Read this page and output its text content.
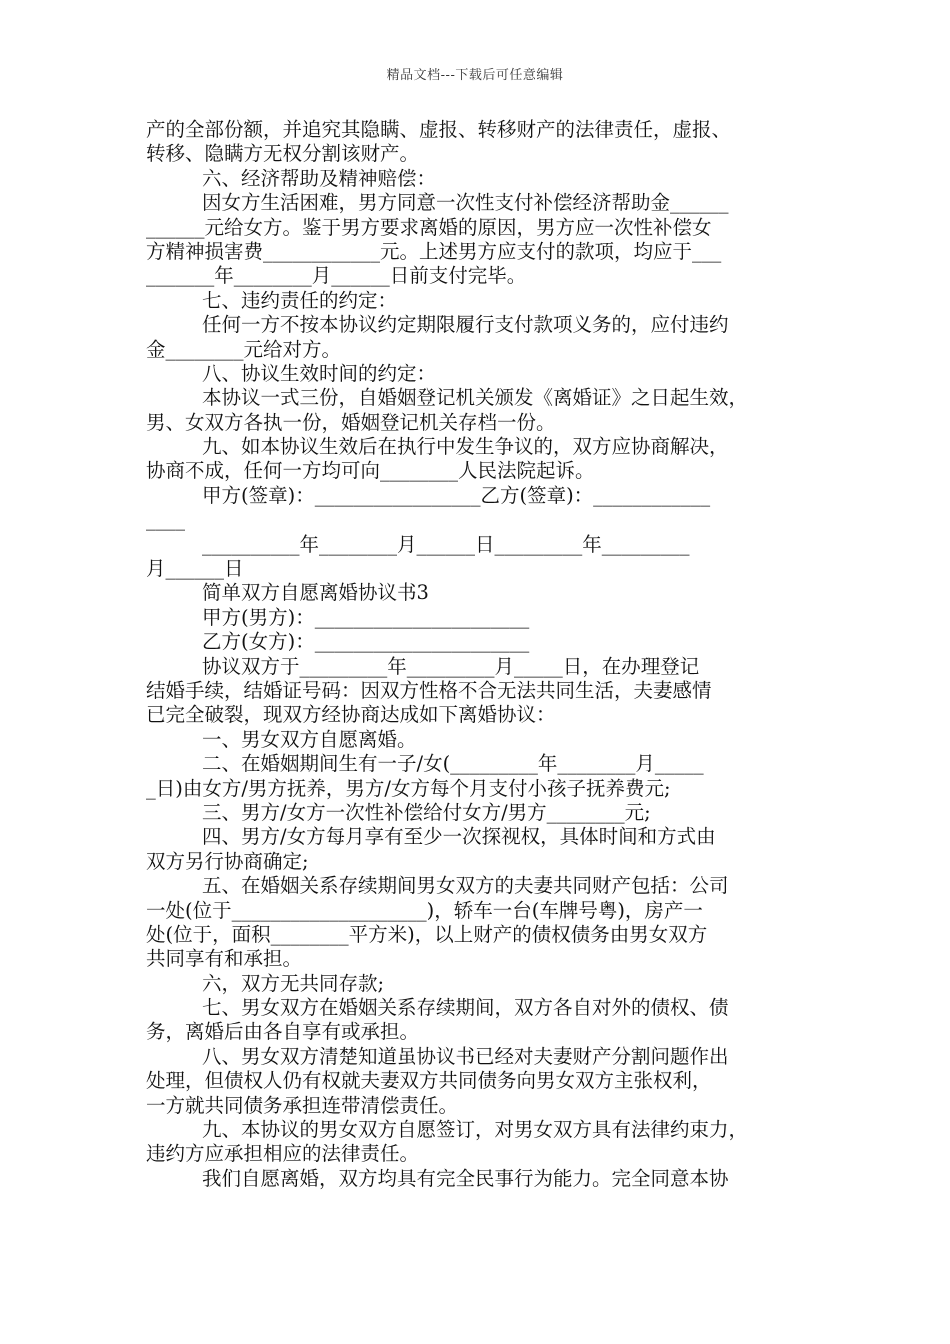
精品文档---下载后可任意编辑
产的全部份额，并追究其隐瞒、虚报、转移财产的法律责任，虚报、
转移、隐瞒方无权分割该财产。
六、经济帮助及精神赔偿：
因女方生活困难，男方同意一次性支付补偿经济帮助金______
______元给女方。鉴于男方要求离婚的原因，男方应一次性补偿女
方精神损害费____________元。上述男方应支付的款项，均应于___
_______年________月______日前支付完毕。
七、违约责任的约定：
任何一方不按本协议约定期限履行支付款项义务的，应付违约
金________元给对方。
八、协议生效时间的约定：
本协议一式三份，自婚姻登记机关颁发《离婚证》之日起生效，
男、女双方各执一份，婚姻登记机关存档一份。
九、如本协议生效后在执行中发生争议的，双方应协商解决，
协商不成，任何一方均可向________人民法院起诉。
甲方(签章)：_________________乙方(签章)：____________
____
__________年________月______日_________年_________
月______日
简单双方自愿离婚协议书3
甲方(男方)：______________________
乙方(女方)：______________________
协议双方于_________年_________月_____日，在办理登记
结婚手续，结婚证号码：因双方性格不合无法共同生活，夫妻感情
已完全破裂，现双方经协商达成如下离婚协议：
一、男女双方自愿离婚。
二、在婚姻期间生有一子/女(_________年________月_____
_日)由女方/男方抚养，男方/女方每个月支付小孩子抚养费元;
三、男方/女方一次性补偿给付女方/男方________元;
四、男方/女方每月享有至少一次探视权，具体时间和方式由
双方另行协商确定;
五、在婚姻关系存续期间男女双方的夫妻共同财产包括：公司
一处(位于____________________)，轿车一台(车牌号粤)，房产一
处(位于，面积________平方米)，以上财产的债权债务由男女双方
共同享有和承担。
六，双方无共同存款;
七、男女双方在婚姻关系存续期间，双方各自对外的债权、债
务，离婚后由各自享有或承担。
八、男女双方清楚知道虽协议书已经对夫妻财产分割问题作出
处理，但债权人仍有权就夫妻双方共同债务向男女双方主张权利，
一方就共同债务承担连带清偿责任。
九、本协议的男女双方自愿签订，对男女双方具有法律约束力，
违约方应承担相应的法律责任。
我们自愿离婚，双方均具有完全民事行为能力。完全同意本协
